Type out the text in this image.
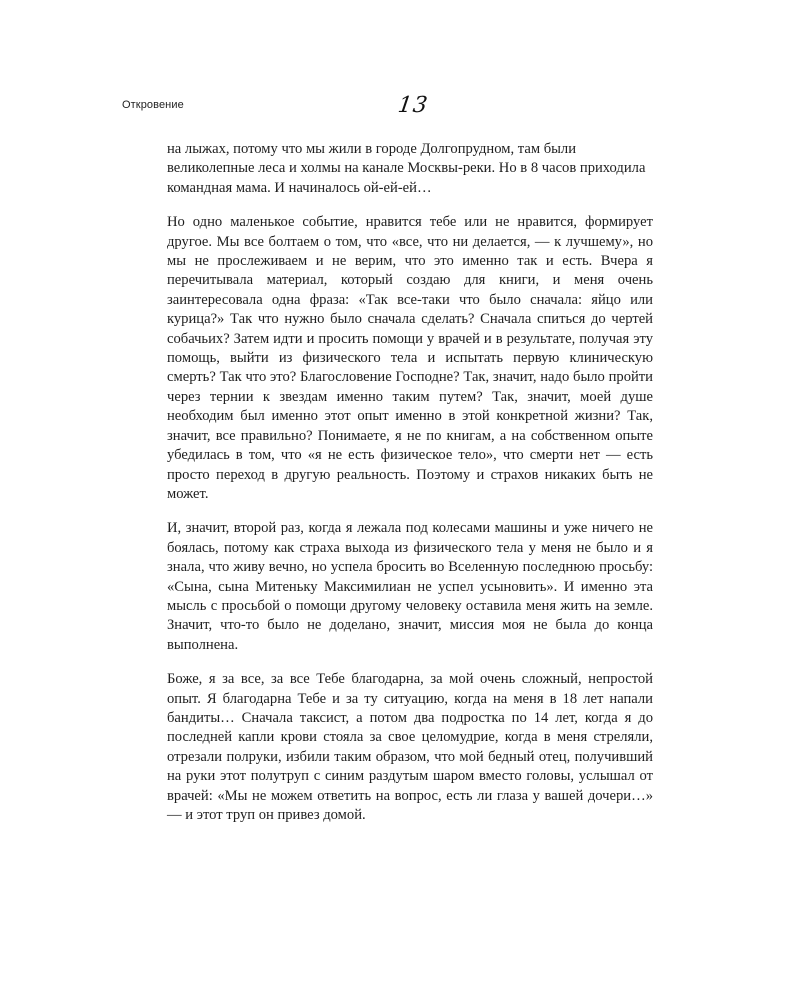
Откровение	13

на лыжах, потому что мы жили в городе Долгопрудном, там были великолепные леса и холмы на канале Москвы-реки. Но в 8 часов приходила командная мама. И начиналось ой-ей-ей…

Но одно маленькое событие, нравится тебе или не нравится, формирует другое. Мы все болтаем о том, что «все, что ни делается, — к лучшему», но мы не прослеживаем и не верим, что это именно так и есть. Вчера я перечитывала материал, который создаю для книги, и меня очень заинтересовала одна фраза: «Так все-таки что было сначала: яйцо или курица?» Так что нужно было сначала сделать? Сначала спиться до чертей собачьих? Затем идти и просить помощи у врачей и в результате, получая эту помощь, выйти из физического тела и испытать первую клиническую смерть? Так что это? Благословение Господне? Так, значит, надо было пройти через тернии к звездам именно таким путем? Так, значит, моей душе необходим был именно этот опыт именно в этой конкретной жизни? Так, значит, все правильно? Понимаете, я не по книгам, а на собственном опыте убедилась в том, что «я не есть физическое тело», что смерти нет — есть просто переход в другую реальность. Поэтому и страхов никаких быть не может.

И, значит, второй раз, когда я лежала под колесами машины и уже ничего не боялась, потому как страха выхода из физического тела у меня не было и я знала, что живу вечно, но успела бросить во Вселенную последнюю просьбу: «Сына, сына Митеньку Максимилиан не успел усыновить». И именно эта мысль с просьбой о помощи другому человеку оставила меня жить на земле. Значит, что-то было не доделано, значит, миссия моя не была до конца выполнена.

Боже, я за все, за все Тебе благодарна, за мой очень сложный, непростой опыт. Я благодарна Тебе и за ту ситуацию, когда на меня в 18 лет напали бандиты… Сначала таксист, а потом два подростка по 14 лет, когда я до последней капли крови стояла за свое целомудрие, когда в меня стреляли, отрезали полруки, избили таким образом, что мой бедный отец, получивший на руки этот полутруп с синим раздутым шаром вместо головы, услышал от врачей: «Мы не можем ответить на вопрос, есть ли глаза у вашей дочери…» — и этот труп он привез домой.
